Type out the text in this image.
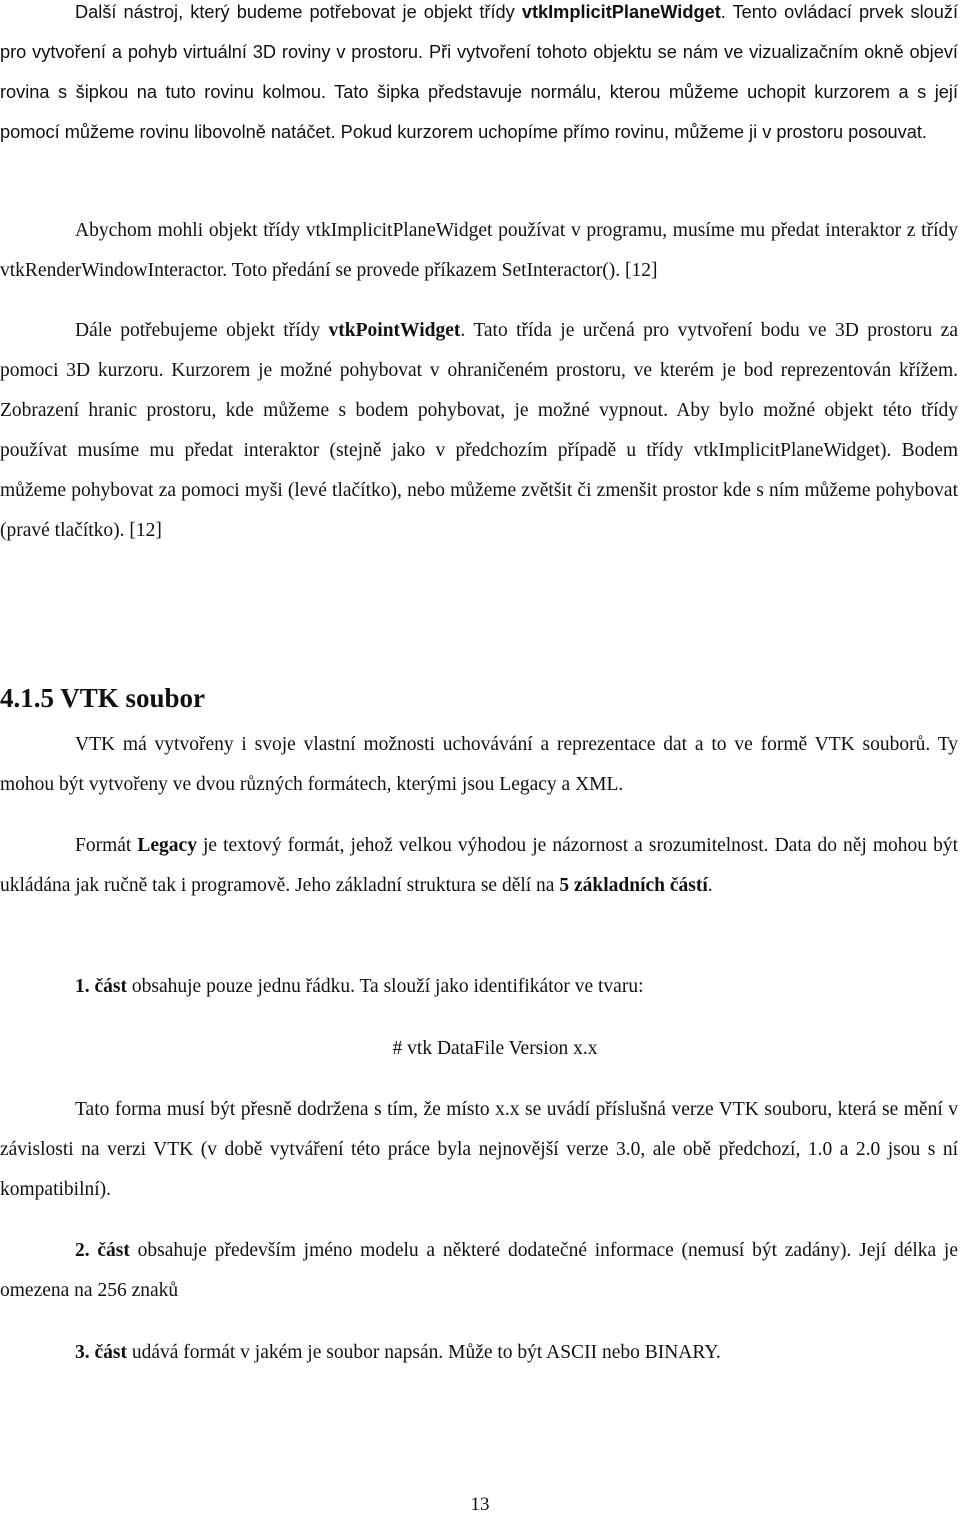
Další nástroj, který budeme potřebovat je objekt třídy vtkImplicitPlaneWidget. Tento ovládací prvek slouží pro vytvoření a pohyb virtuální 3D roviny v prostoru. Při vytvoření tohoto objektu se nám ve vizualizačním okně objeví rovina s šipkou na tuto rovinu kolmou. Tato šipka představuje normálu, kterou můžeme uchopit kurzorem a s její pomocí můžeme rovinu libovolně natáčet. Pokud kurzorem uchopíme přímo rovinu, můžeme ji v prostoru posouvat.

Abychom mohli objekt třídy vtkImplicitPlaneWidget používat v programu, musíme mu předat interaktor z třídy vtkRenderWindowInteractor. Toto předání se provede příkazem SetInteractor(). [12]

Dále potřebujeme objekt třídy vtkPointWidget. Tato třída je určená pro vytvoření bodu ve 3D prostoru za pomoci 3D kurzoru. Kurzorem je možné pohybovat v ohraničeném prostoru, ve kterém je bod reprezentován křížem. Zobrazení hranic prostoru, kde můžeme s bodem pohybovat, je možné vypnout. Aby bylo možné objekt této třídy používat musíme mu předat interaktor (stejně jako v předchozím případě u třídy vtkImplicitPlaneWidget). Bodem můžeme pohybovat za pomoci myši (levé tlačítko), nebo můžeme zvětšit či zmenšit prostor kde s ním můžeme pohybovat (pravé tlačítko). [12]

4.1.5 VTK soubor

VTK má vytvořeny i svoje vlastní možnosti uchovávání a reprezentace dat a to ve formě VTK souborů. Ty mohou být vytvořeny ve dvou různých formátech, kterými jsou Legacy a XML.

Formát Legacy je textový formát, jehož velkou výhodou je názornost a srozumitelnost. Data do něj mohou být ukládána jak ručně tak i programově. Jeho základní struktura se dělí na 5 základních částí.

1. část obsahuje pouze jednu řádku. Ta slouží jako identifikátor ve tvaru:

# vtk DataFile Version x.x

Tato forma musí být přesně dodržena s tím, že místo x.x se uvádí příslušná verze VTK souboru, která se mění v závislosti na verzi VTK (v době vytváření této práce byla nejnovější verze 3.0, ale obě předchozí, 1.0 a 2.0 jsou s ní kompatibilní).

2. část obsahuje především jméno modelu a některé dodatečné informace (nemusí být zadány). Její délka je omezena na 256 znaků

3. část udává formát v jakém je soubor napsán. Může to být ASCII nebo BINARY.

13
